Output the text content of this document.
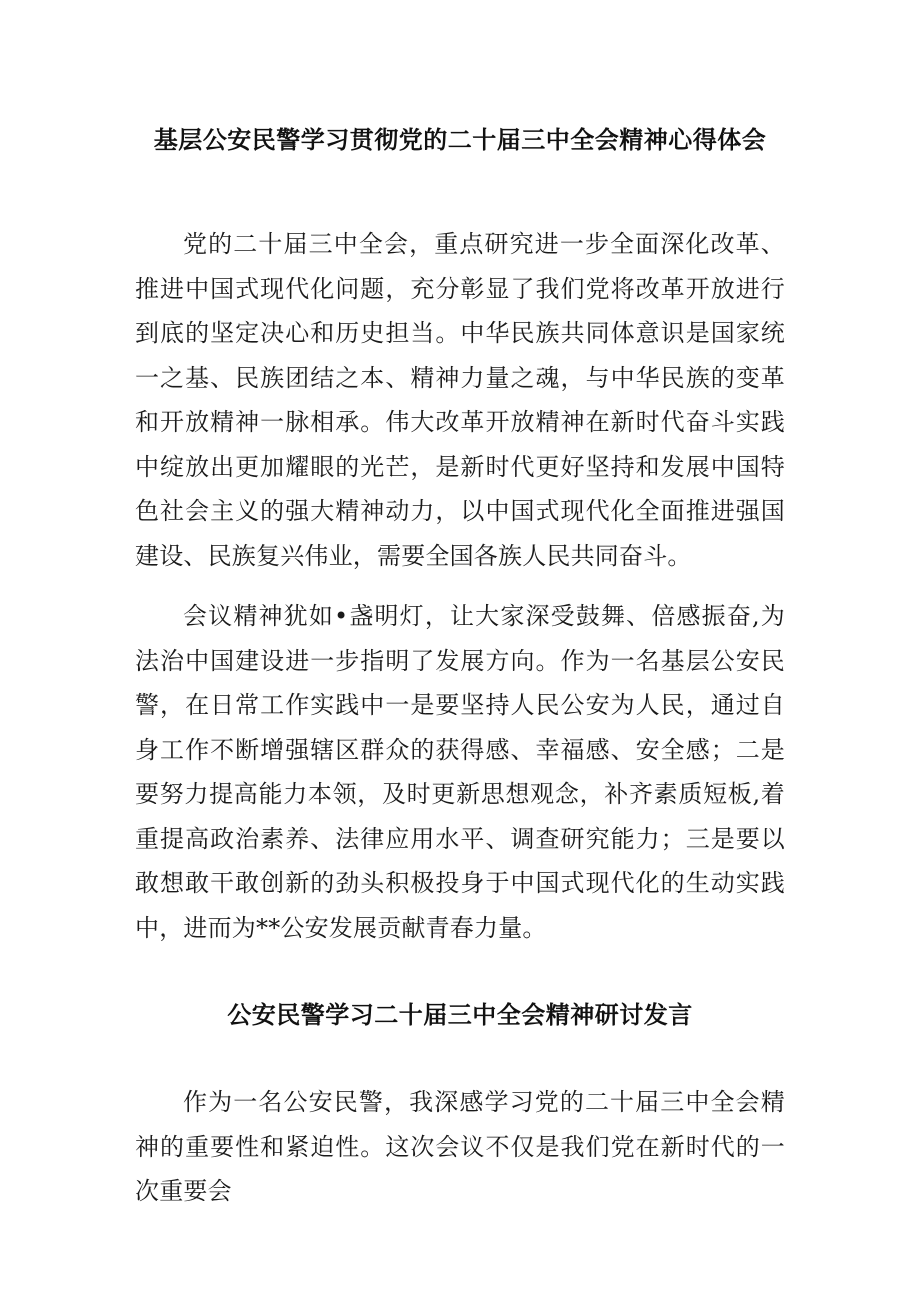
基层公安民警学习贯彻党的二十届三中全会精神心得体会

党的二十届三中全会，重点研究进一步全面深化改革、推进中国式现代化问题，充分彰显了我们党将改革开放进行到底的坚定决心和历史担当。中华民族共同体意识是国家统一之基、民族团结之本、精神力量之魂，与中华民族的变革和开放精神一脉相承。伟大改革开放精神在新时代奋斗实践中绽放出更加耀眼的光芒，是新时代更好坚持和发展中国特色社会主义的强大精神动力，以中国式现代化全面推进强国建设、民族复兴伟业，需要全国各族人民共同奋斗。

会议精神犹如•盏明灯，让大家深受鼓舞、倍感振奋,为法治中国建设进一步指明了发展方向。作为一名基层公安民警，在日常工作实践中一是要坚持人民公安为人民，通过自身工作不断增强辖区群众的获得感、幸福感、安全感；二是要努力提高能力本领，及时更新思想观念，补齐素质短板,着重提高政治素养、法律应用水平、调查研究能力；三是要以敢想敢干敢创新的劲头积极投身于中国式现代化的生动实践中，进而为**公安发展贡献青春力量。

公安民警学习二十届三中全会精神研讨发言

作为一名公安民警，我深感学习党的二十届三中全会精神的重要性和紧迫性。这次会议不仅是我们党在新时代的一次重要会
